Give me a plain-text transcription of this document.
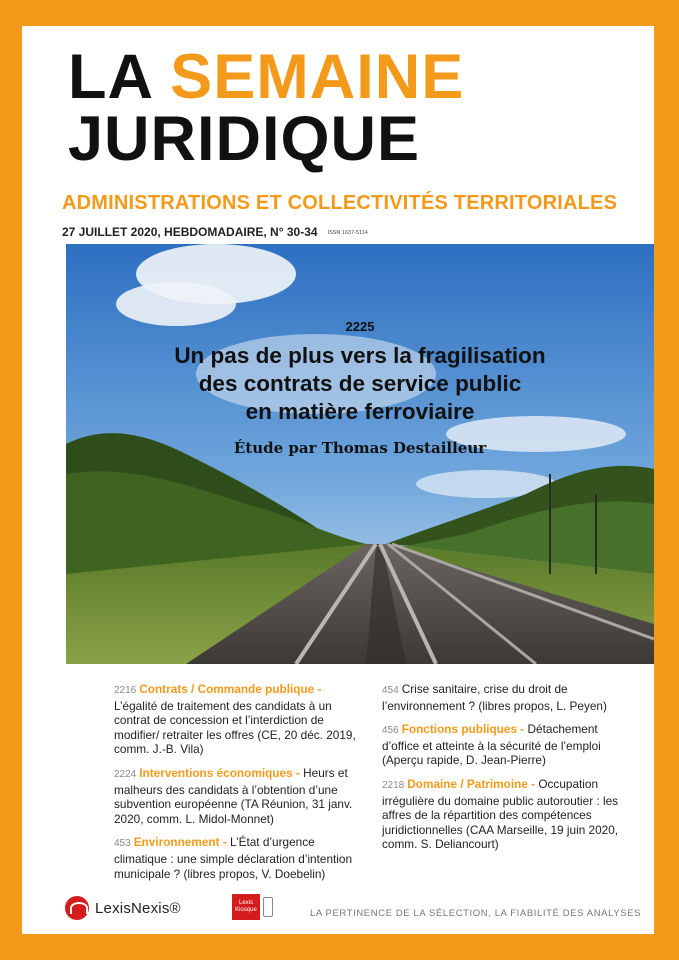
LA SEMAINE
JURIDIQUE
ADMINISTRATIONS ET COLLECTIVITÉS TERRITORIALES
27 JUILLET 2020, HEBDOMADAIRE, N° 30-34 ISSN 1637-5114
2225
Un pas de plus vers la fragilisation
des contrats de service public
en matière ferroviaire
Étude par Thomas Destailleur
2216 Contrats / Commande publique - L’égalité de traitement des candidats à un contrat de concession et l’interdiction de modifier/ retraiter les offres (CE, 20 déc. 2019, comm. J.-B. Vila)
2224 Interventions économiques - Heurs et malheurs des candidats à l’obtention d’une subvention européenne (TA Réunion, 31 janv. 2020, comm. L. Midol-Monnet)
453 Environnement - L’État d’urgence climatique : une simple déclaration d’intention municipale ? (libres propos, V. Doebelin)
454 Crise sanitaire, crise du droit de l’environnement ? (libres propos, L. Peyen)
456 Fonctions publiques - Détachement d’office et atteinte à la sécurité de l’emploi (Aperçu rapide, D. Jean-Pierre)
2218 Domaine / Patrimoine - Occupation irrégulière du domaine public autoroutier : les affres de la répartition des compétences juridictionnelles (CAA Marseille, 19 juin 2020, comm. S. Deliancourt)
LexisNexis®	Lexis
Kiosque	LA PERTINENCE DE LA SÉLECTION, LA FIABILITÉ DES ANALYSES
